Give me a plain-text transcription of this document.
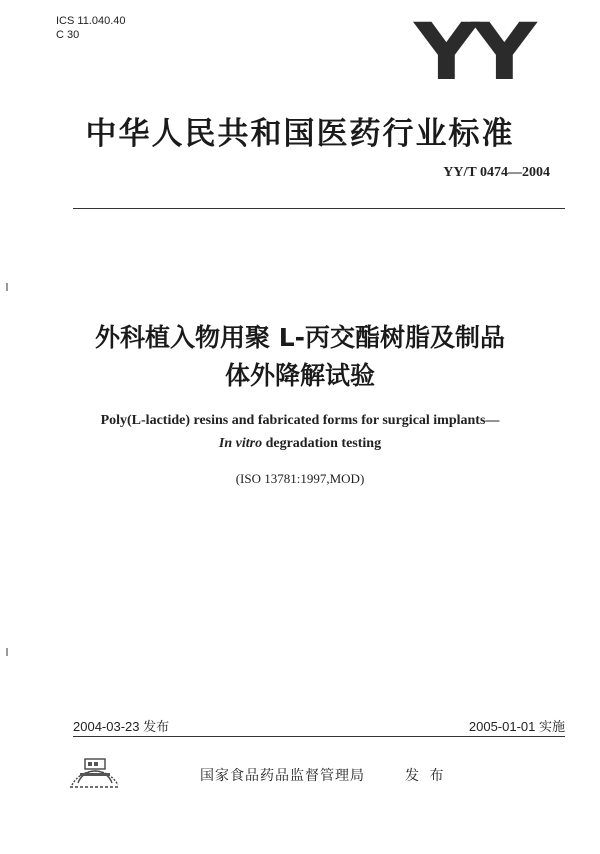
ICS 11.040.40
C 30	YY
中华人民共和国医药行业标准
YY/T 0474—2004
外科植入物用聚 L-丙交酯树脂及制品
体外降解试验
Poly(L-lactide) resins and fabricated forms for surgical implants—
In vitro degradation testing
(ISO 13781:1997,MOD)
2004-03-23 发布	2005-01-01 实施
国家食品药品监督管理局	发 布
